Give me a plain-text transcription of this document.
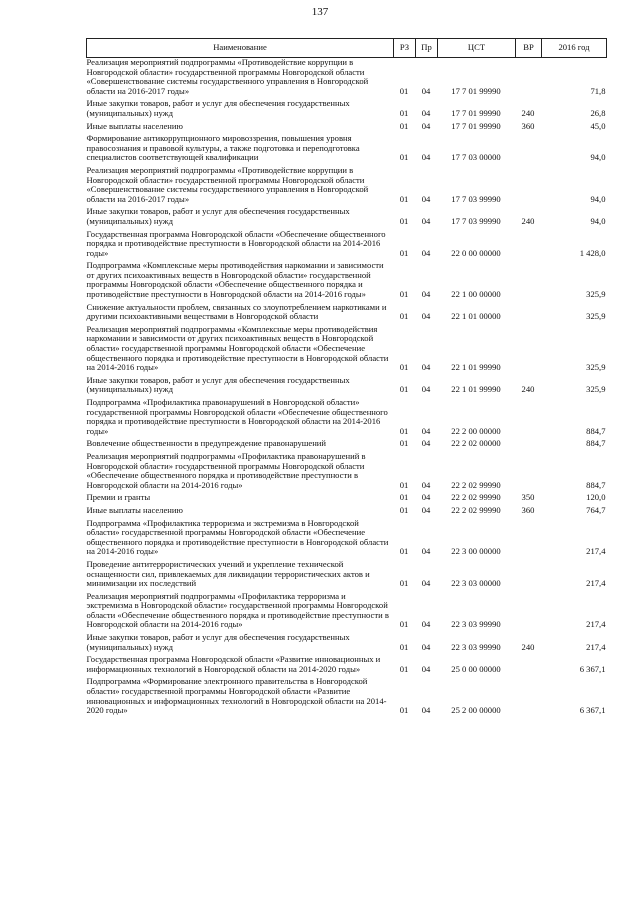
137
Наименование	РЗ	Пр	ЦСТ	ВР	2016 год
Реализация мероприятий подпрограммы «Противодействие коррупции в Новгородской области» государственной программы Новгородской области «Совершенствование системы государственного управления в Новгородской области на 2016-2017 годы»	01	04	17 7 01 99990		71,8
Иные закупки товаров, работ и услуг для обеспечения государственных (муниципальных) нужд	01	04	17 7 01 99990	240	26,8
Иные выплаты населению	01	04	17 7 01 99990	360	45,0
Формирование антикоррупционного мировоззрения, повышения уровня правосознания и правовой культуры, а также подготовка и переподготовка специалистов соответствующей квалификации	01	04	17 7 03 00000		94,0
Реализация мероприятий подпрограммы «Противодействие коррупции в Новгородской области» государственной программы Новгородской области «Совершенствование системы государственного управления в Новгородской области на 2016-2017 годы»	01	04	17 7 03 99990		94,0
Иные закупки товаров, работ и услуг для обеспечения государственных (муниципальных) нужд	01	04	17 7 03 99990	240	94,0
Государственная программа Новгородской области «Обеспечение общественного порядка и противодействие преступности в Новгородской области на 2014-2016 годы»	01	04	22 0 00 00000		1 428,0
Подпрограмма «Комплексные меры противодействия наркомании и зависимости от других психоактивных веществ в Новгородской области» государственной программы Новгородской области «Обеспечение общественного порядка и противодействие преступности в Новгородской области на 2014-2016 годы»	01	04	22 1 00 00000		325,9
Снижение актуальности проблем, связанных со злоупотреблением наркотиками и другими психоактивными веществами в Новгородской области	01	04	22 1 01 00000		325,9
Реализация мероприятий подпрограммы «Комплексные меры противодействия наркомании и зависимости от других психоактивных веществ в Новгородской области» государственной программы Новгородской области «Обеспечение общественного порядка и противодействие преступности в Новгородской области на 2014-2016 годы»	01	04	22 1 01 99990		325,9
Иные закупки товаров, работ и услуг для обеспечения государственных (муниципальных) нужд	01	04	22 1 01 99990	240	325,9
Подпрограмма «Профилактика правонарушений в Новгородской области» государственной программы Новгородской области «Обеспечение общественного порядка и противодействие преступности в Новгородской области на 2014-2016 годы»	01	04	22 2 00 00000		884,7
Вовлечение общественности в предупреждение правонарушений	01	04	22 2 02 00000		884,7
Реализация мероприятий подпрограммы «Профилактика правонарушений в Новгородской области» государственной программы Новгородской области «Обеспечение общественного порядка и противодействие преступности в Новгородской области на 2014-2016 годы»	01	04	22 2 02 99990		884,7
Премии и гранты	01	04	22 2 02 99990	350	120,0
Иные выплаты населению	01	04	22 2 02 99990	360	764,7
Подпрограмма «Профилактика терроризма и экстремизма в Новгородской области» государственной программы Новгородской области «Обеспечение общественного порядка и противодействие преступности в Новгородской области на 2014-2016 годы»	01	04	22 3 00 00000		217,4
Проведение антитеррористических учений и укрепление технической оснащенности сил, привлекаемых для ликвидации террористических актов и минимизации их последствий	01	04	22 3 03 00000		217,4
Реализация мероприятий подпрограммы «Профилактика терроризма и экстремизма в Новгородской области» государственной программы Новгородской области «Обеспечение общественного порядка и противодействие преступности в Новгородской области на 2014-2016 годы»	01	04	22 3 03 99990		217,4
Иные закупки товаров, работ и услуг для обеспечения государственных (муниципальных) нужд	01	04	22 3 03 99990	240	217,4
Государственная программа Новгородской области «Развитие инновационных и информационных технологий в Новгородской области на 2014-2020 годы»	01	04	25 0 00 00000		6 367,1
Подпрограмма «Формирование электронного правительства в Новгородской области» государственной программы Новгородской области «Развитие инновационных и информационных технологий в Новгородской области на 2014-2020 годы»	01	04	25 2 00 00000		6 367,1
